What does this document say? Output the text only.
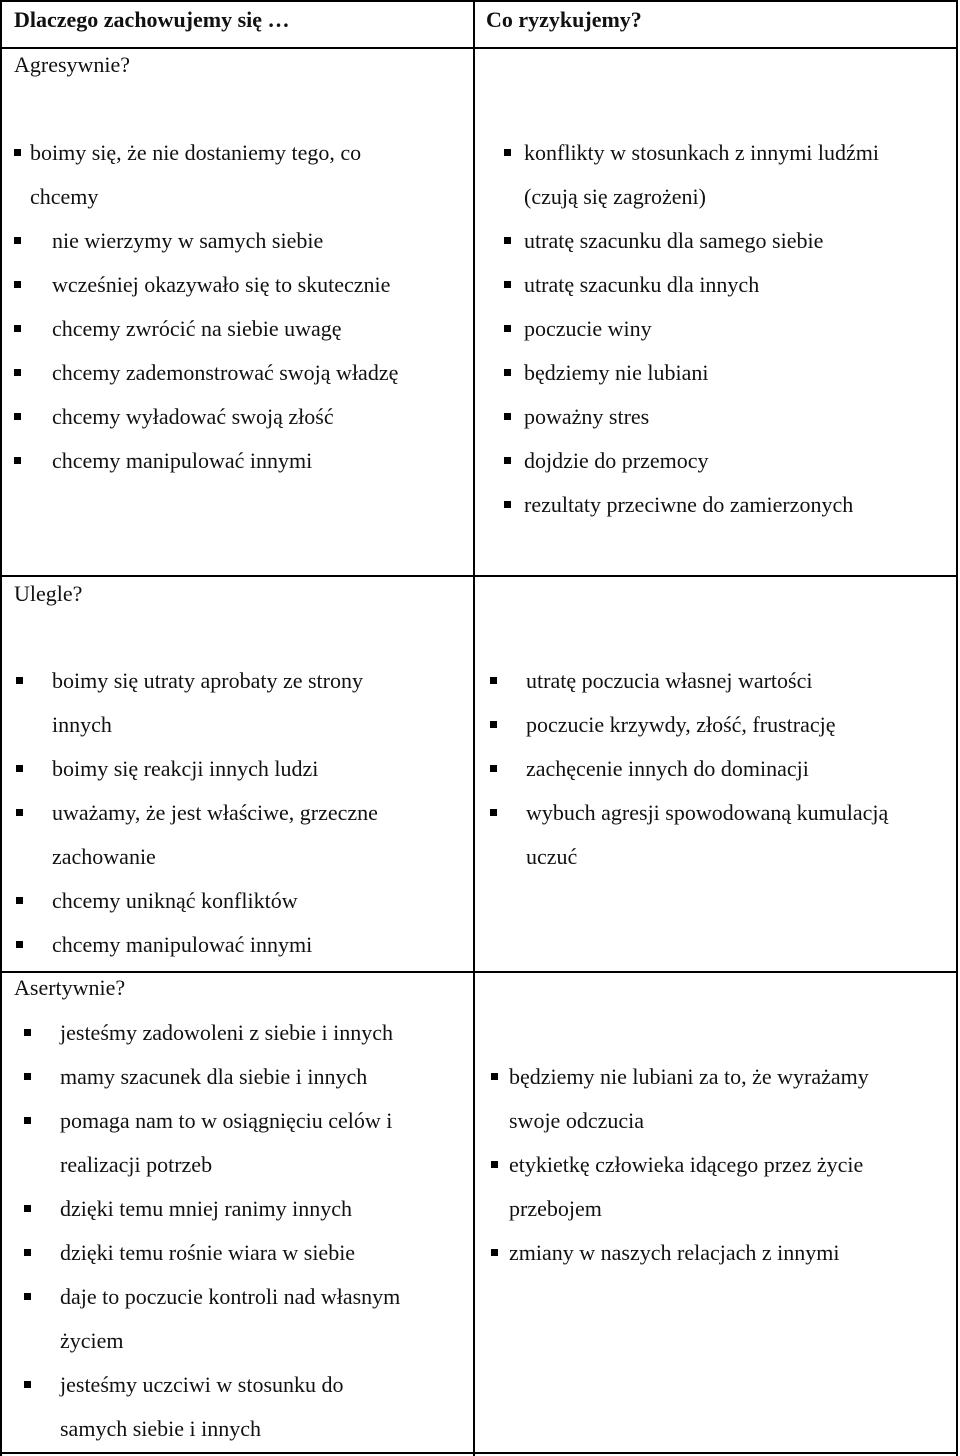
Dlaczego zachowujemy się …	Co ryzykujemy?
Agresywnie?
boimy się, że nie dostaniemy tego, co
chcemy
nie wierzymy w samych siebie
wcześniej okazywało się to skutecznie
chcemy zwrócić na siebie uwagę
chcemy zademonstrować swoją władzę
chcemy wyładować swoją złość
chcemy manipulować innymi
konflikty w stosunkach z innymi ludźmi
(czują się zagrożeni)
utratę szacunku dla samego siebie
utratę szacunku dla innych
poczucie winy
będziemy nie lubiani
poważny stres
dojdzie do przemocy
rezultaty przeciwne do zamierzonych
Ulegle?
boimy się utraty aprobaty ze strony
innych
boimy się reakcji innych ludzi
uważamy, że jest właściwe, grzeczne
zachowanie
chcemy uniknąć konfliktów
chcemy manipulować innymi
utratę poczucia własnej wartości
poczucie krzywdy, złość, frustrację
zachęcenie innych do dominacji
wybuch agresji spowodowaną kumulacją
uczuć
Asertywnie?
jesteśmy zadowoleni z siebie i innych
mamy szacunek dla siebie i innych
pomaga nam to w osiągnięciu celów i
realizacji potrzeb
dzięki temu mniej ranimy innych
dzięki temu rośnie wiara w siebie
daje to poczucie kontroli nad własnym
życiem
jesteśmy uczciwi w stosunku do
samych siebie i innych
będziemy nie lubiani za to, że wyrażamy
swoje odczucia
etykietkę człowieka idącego przez życie
przebojem
zmiany w naszych relacjach z innymi
